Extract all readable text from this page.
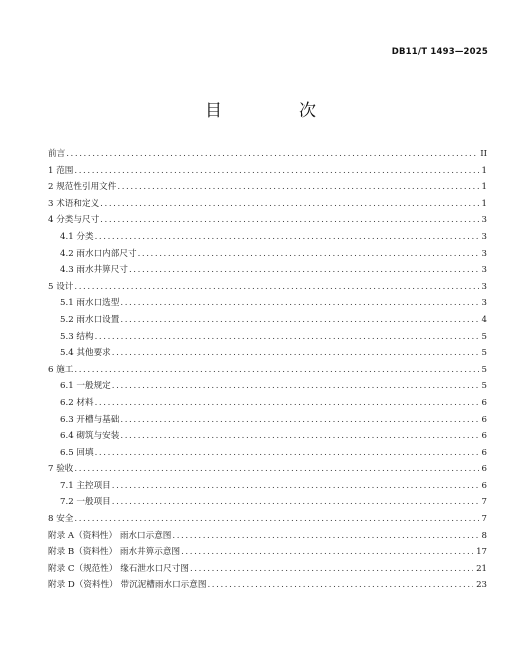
DB11/T 1493—2025
目　次
前言 .....	II
1 范围 .....	1
2 规范性引用文件 .....	1
3 术语和定义 .....	1
4 分类与尺寸 .....	3
4.1 分类 .....	3
4.2 雨水口内部尺寸 .....	3
4.3 雨水井箅尺寸 .....	3
5 设计 .....	3
5.1 雨水口选型 .....	3
5.2 雨水口设置 .....	4
5.3 结构 .....	5
5.4 其他要求 .....	5
6 施工 .....	5
6.1 一般规定 .....	5
6.2 材料 .....	6
6.3 开槽与基础 .....	6
6.4 砌筑与安装 .....	6
6.5 回填 .....	6
7 验收 .....	6
7.1 主控项目 .....	6
7.2 一般项目 .....	7
8 安全 .....	7
附录 A（资料性） 雨水口示意图 .....	8
附录 B（资料性） 雨水井箅示意图 .....	17
附录 C（规范性） 缘石泄水口尺寸图 .....	21
附录 D（资料性） 带沉泥槽雨水口示意图 .....	23
